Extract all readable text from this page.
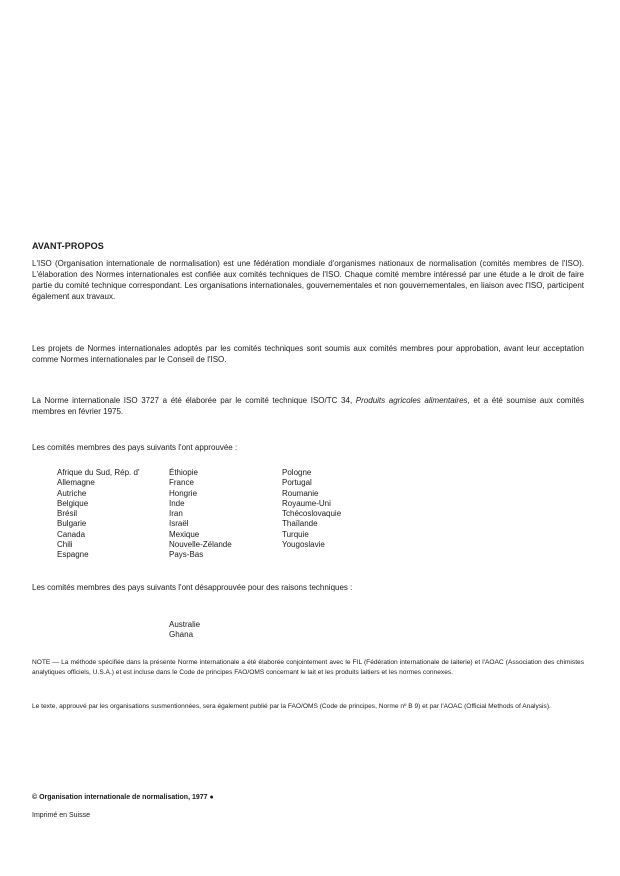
AVANT-PROPOS

L'ISO (Organisation internationale de normalisation) est une fédération mondiale d'organismes nationaux de normalisation (comités membres de l'ISO). L'élaboration des Normes internationales est confiée aux comités techniques de l'ISO. Chaque comité membre intéressé par une étude a le droit de faire partie du comité technique correspondant. Les organisations internationales, gouvernementales et non gouvernementales, en liaison avec l'ISO, participent également aux travaux.

Les projets de Normes internationales adoptés par les comités techniques sont soumis aux comités membres pour approbation, avant leur acceptation comme Normes internationales par le Conseil de l'ISO.

La Norme internationale ISO 3727 a été élaborée par le comité technique ISO/TC 34, Produits agricoles alimentaires, et a été soumise aux comités membres en février 1975.

Les comités membres des pays suivants l'ont approuvée :

Afrique du Sud, Rép. d'
Allemagne
Autriche
Belgique
Brésil
Bulgarie
Canada
Chili
Espagne
Éthiopie
France
Hongrie
Inde
Iran
Israël
Mexique
Nouvelle-Zélande
Pays-Bas
Pologne
Portugal
Roumanie
Royaume-Uni
Tchécoslovaquie
Thaïlande
Turquie
Yougoslavie

Les comités membres des pays suivants l'ont désapprouvée pour des raisons techniques :

Australie
Ghana

NOTE — La méthode spécifiée dans la présente Norme internationale a été élaborée conjointement avec le FIL (Fédération internationale de laiterie) et l'AOAC (Association des chimistes analytiques officiels, U.S.A.) et est incluse dans le Code de principes FAO/OMS concernant le lait et les produits laitiers et les normes connexes.

Le texte, approuvé par les organisations susmentionnées, sera également publié par la FAO/OMS (Code de principes, Norme nº B 9) et par l'AOAC (Official Methods of Analysis).

© Organisation internationale de normalisation, 1977 ●
Imprimé en Suisse
